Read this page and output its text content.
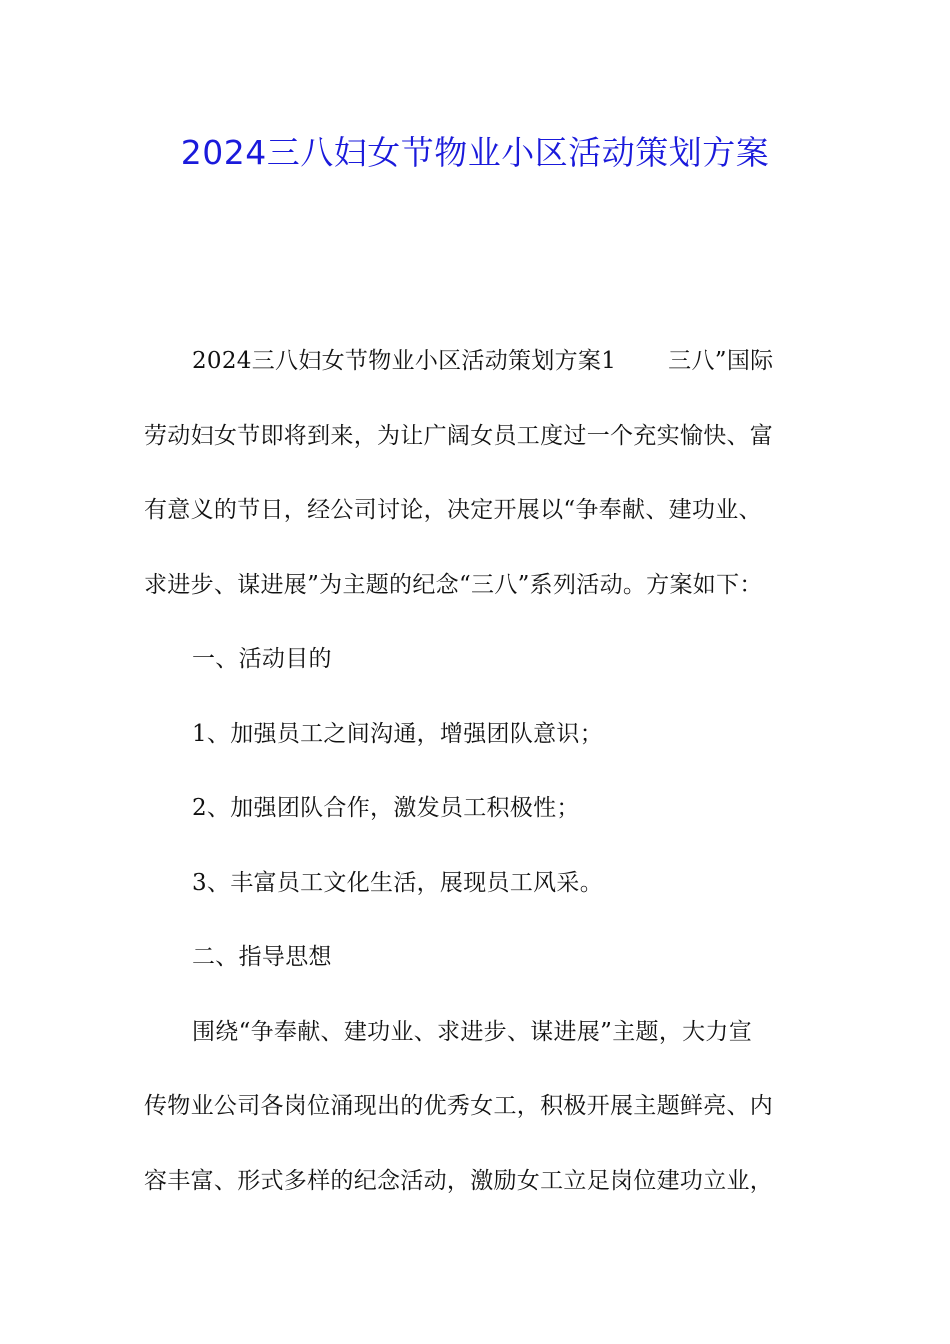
2024三八妇女节物业小区活动策划方案
2024三八妇女节物业小区活动策划方案1 三八”国际
劳动妇女节即将到来，为让广阔女员工度过一个充实愉快、富
有意义的节日，经公司讨论，决定开展以“争奉献、建功业、
求进步、谋进展”为主题的纪念“三八”系列活动。方案如下：
一、活动目的
1、加强员工之间沟通，增强团队意识；
2、加强团队合作，激发员工积极性；
3、丰富员工文化生活，展现员工风采。
二、指导思想
围绕“争奉献、建功业、求进步、谋进展”主题，大力宣
传物业公司各岗位涌现出的优秀女工，积极开展主题鲜亮、内
容丰富、形式多样的纪念活动，激励女工立足岗位建功立业，
